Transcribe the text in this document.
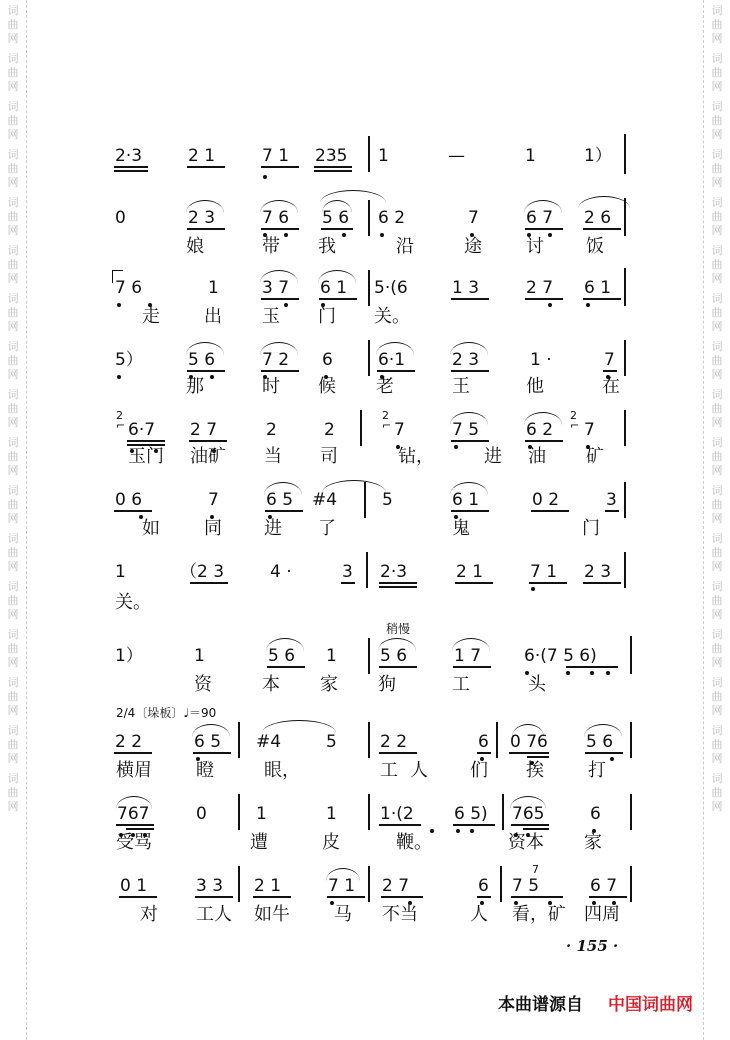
词曲网
词曲网
词曲网
词曲网
词曲网
词曲网
词曲网
词曲网
词曲网
词曲网
词曲网
词曲网
词曲网
词曲网
词曲网
词曲网
词曲网
词曲网
词曲网
词曲网
词曲网
词曲网
词曲网
词曲网
词曲网
词曲网
词曲网
词曲网
词曲网
词曲网
词曲网
词曲网
词曲网
词曲网
2·3	2 1	7 1 235 1	—	1	1）
0	2 3	7 6 5 6 6 2	7	6 7 2 6
娘	带 我	沿	途 讨 饭
7 6	1	3 7 6 1 5·(6	1 3	2 7 6 1
走 出 玉 门 关。
5）	5 6	7 2 6	6·1	2 3	1 ·	7
那	时 候 老	王	他	在
2
⌐ 6·7 2 7	2	2
2
⌐ 7	7 5	6 2
2
⌐ 7
玉门 油矿 当 司	钻，	进 油 矿
0 6	7	6 5 #4	5	6 1	0 2	3
如 同 进 了	鬼	门
1	（2 3	4 ·	3 2·3	2 1	7 1 2 3
关。
稍慢
1）	1	5 6 1	5 6	1 7	6·(7 5 6)
资	本 家 狗	工	头
2/4〔垛板〕♩＝90
2 2	6 5 #4	5	2 2	6 0 76 5 6
横眉 瞪	眼，	工 人 们 挨 打
767	0	1	1	1·(2 6 5) 765	6
受骂	遭	皮	鞭。	资本 家
0 1	3 3 2 1	7 1 2 7	6
7
7 5	6 7
对 工人 如牛 马 不当	人 看，矿 四周
· 155 ·
本曲谱源自 中国词曲网
